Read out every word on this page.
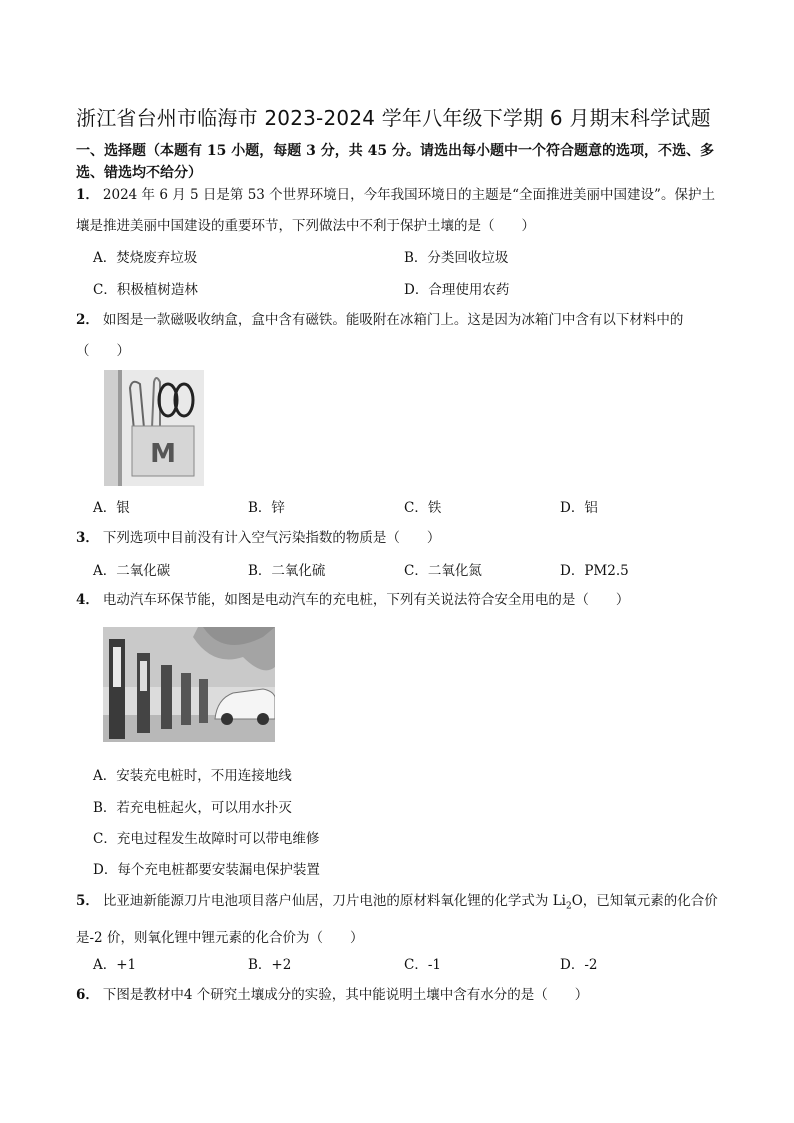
浙江省台州市临海市 2023-2024 学年八年级下学期 6 月期末科学试题
一、选择题（本题有 15 小题，每题 3 分，共 45 分。请选出每小题中一个符合题意的选项，不选、多选、错选均不给分）
1． 2024 年 6 月 5 日是第 53 个世界环境日，今年我国环境日的主题是“全面推进美丽中国建设”。保护土壤是推进美丽中国建设的重要环节，下列做法中不利于保护土壤的是（　　）
A．焚烧废弃垃圾	B．分类回收垃圾
C．积极植树造林	D．合理使用农药
2． 如图是一款磁吸收纳盒，盒中含有磁铁。能吸附在冰箱门上。这是因为冰箱门中含有以下材料中的（　　）
M
A．银	B．锌	C．铁	D．铝
3． 下列选项中目前没有计入空气污染指数的物质是（　　）
A．二氧化碳	B．二氧化硫	C．二氧化氮	D．PM2.5
4． 电动汽车环保节能，如图是电动汽车的充电桩，下列有关说法符合安全用电的是（　　）
A．安装充电桩时，不用连接地线
B．若充电桩起火，可以用水扑灭
C．充电过程发生故障时可以带电维修
D．每个充电桩都要安装漏电保护装置
5． 比亚迪新能源刀片电池项目落户仙居，刀片电池的原材料氧化锂的化学式为 $Li_2O$，已知氧元素的化合价是-2 价，则氧化锂中锂元素的化合价为（　　）
A．+1	B．+2	C．-1	D．-2
6． 下图是教材中4 个研究土壤成分的实验，其中能说明土壤中含有水分的是（　　）
